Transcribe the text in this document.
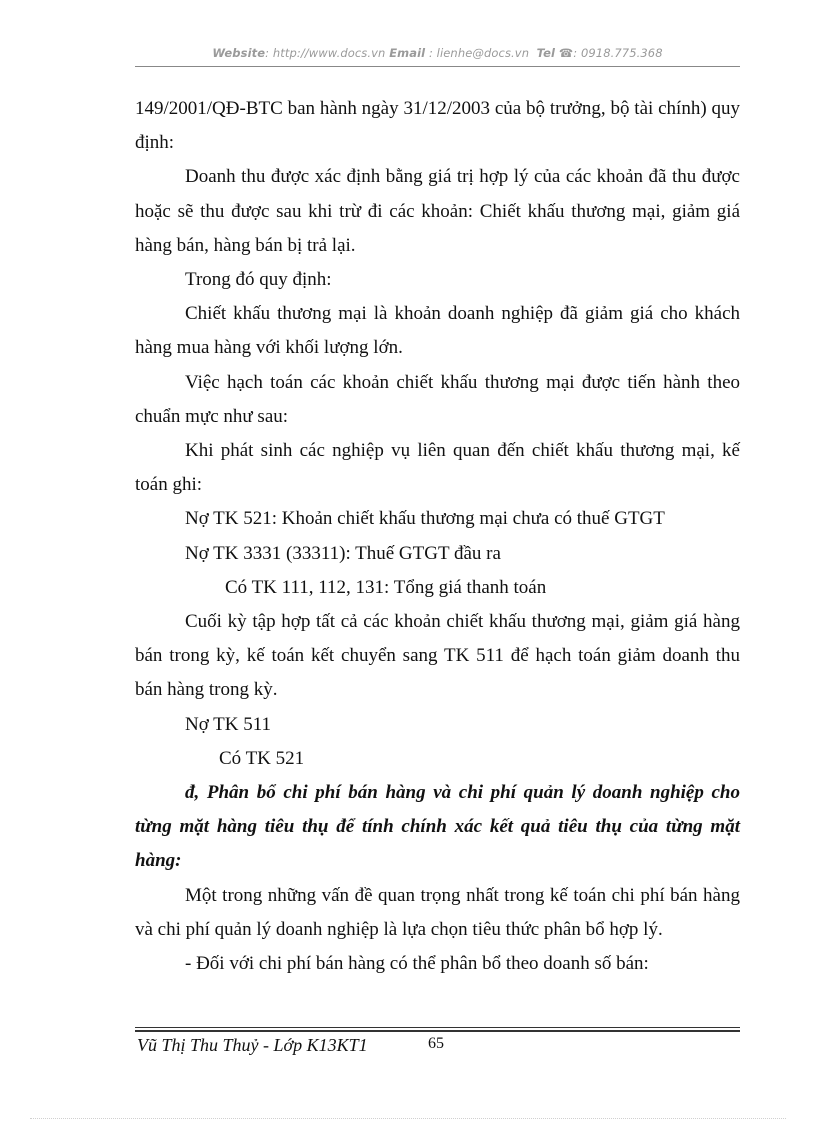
Website: http://www.docs.vn Email : lienhe@docs.vn Tel ☎: 0918.775.368

149/2001/QĐ-BTC ban hành ngày 31/12/2003 của bộ trưởng, bộ tài chính) quy định:

Doanh thu được xác định bằng giá trị hợp lý của các khoản đã thu được hoặc sẽ thu được sau khi trừ đi các khoản: Chiết khấu thương mại, giảm giá hàng bán, hàng bán bị trả lại.

Trong đó quy định:

Chiết khấu thương mại là khoản doanh nghiệp đã giảm giá cho khách hàng mua hàng với khối lượng lớn.

Việc hạch toán các khoản chiết khấu thương mại được tiến hành theo chuẩn mực như sau:

Khi phát sinh các nghiệp vụ liên quan đến chiết khấu thương mại, kế toán ghi:

Nợ TK 521: Khoản chiết khấu thương mại chưa có thuế GTGT

Nợ TK 3331 (33311): Thuế GTGT đầu ra

Có TK 111, 112, 131: Tổng giá thanh toán

Cuối kỳ tập hợp tất cả các khoản chiết khấu thương mại, giảm giá hàng bán trong kỳ, kế toán kết chuyển sang TK 511 để hạch toán giảm doanh thu bán hàng trong kỳ.

Nợ TK 511

Có TK 521

đ, Phân bổ chi phí bán hàng và chi phí quản lý doanh nghiệp cho từng mặt hàng tiêu thụ để tính chính xác kết quả tiêu thụ của từng mặt hàng:

Một trong những vấn đề quan trọng nhất trong kế toán chi phí bán hàng và chi phí quản lý doanh nghiệp là lựa chọn tiêu thức phân bổ hợp lý.

- Đối với chi phí bán hàng có thể phân bổ theo doanh số bán:

Vũ Thị Thu Thuỷ - Lớp K13KT1	65
